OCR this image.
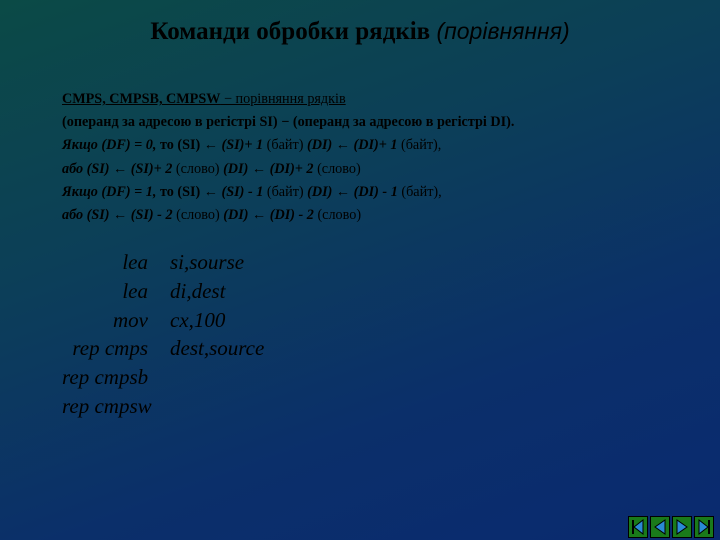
Команди обробки рядків (порівняння)
CMPS, CMPSB, CMPSW − порівняння рядків
(операнд за адресою в регістрі SI) − (операнд за адресою в регістрі DI).
Якщо (DF) = 0, то (SI) ← (SI)+ 1 (байт) (DI) ← (DI)+ 1 (байт),
або (SI) ← (SI)+ 2 (слово) (DI) ← (DI)+ 2 (слово)
Якщо (DF) = 1, то (SI) ← (SI) - 1 (байт) (DI) ← (DI) - 1 (байт),
або (SI) ← (SI) - 2 (слово) (DI) ← (DI) - 2 (слово)
lea si,sourse
lea di,dest
mov cx,100
rep cmps dest,source
rep cmpsb
rep cmpsw
